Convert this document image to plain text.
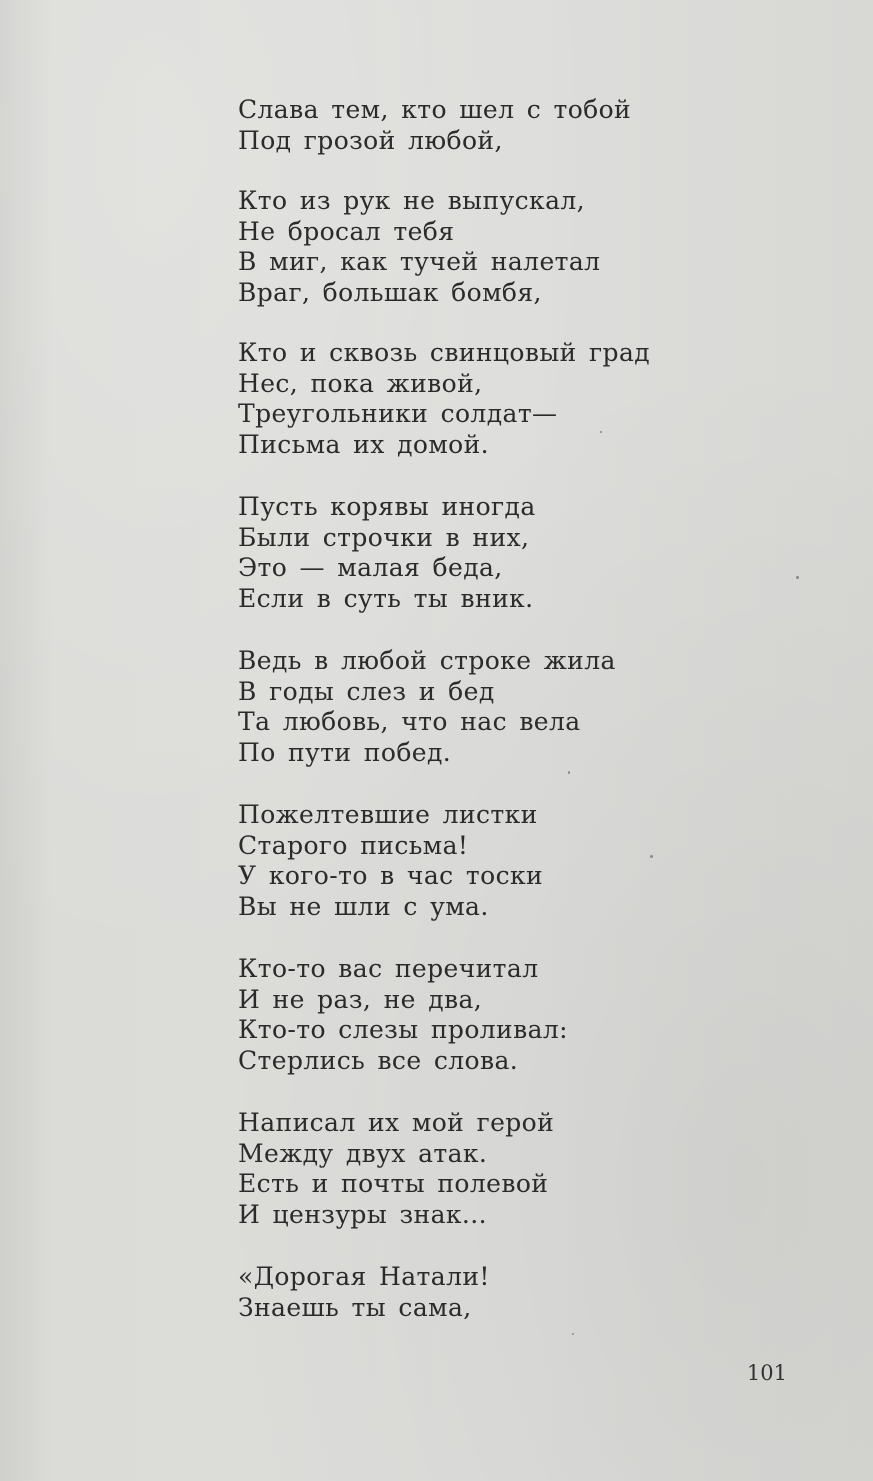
Слава тем, кто шел с тобой
Под грозой любой,
Кто из рук не выпускал,
Не бросал тебя
В миг, как тучей налетал
Враг, большак бомбя,
Кто и сквозь свинцовый град
Нес, пока живой,
Треугольники солдат—
Письма их домой.
Пусть корявы иногда
Были строчки в них,
Это — малая беда,
Если в суть ты вник.
Ведь в любой строке жила
В годы слез и бед
Та любовь, что нас вела
По пути побед.
Пожелтевшие листки
Старого письма!
У кого-то в час тоски
Вы не шли с ума.
Кто-то вас перечитал
И не раз, не два,
Кто-то слезы проливал:
Стерлись все слова.
Написал их мой герой
Между двух атак.
Есть и почты полевой
И цензуры знак...
«Дорогая Натали!
Знаешь ты сама,
101
